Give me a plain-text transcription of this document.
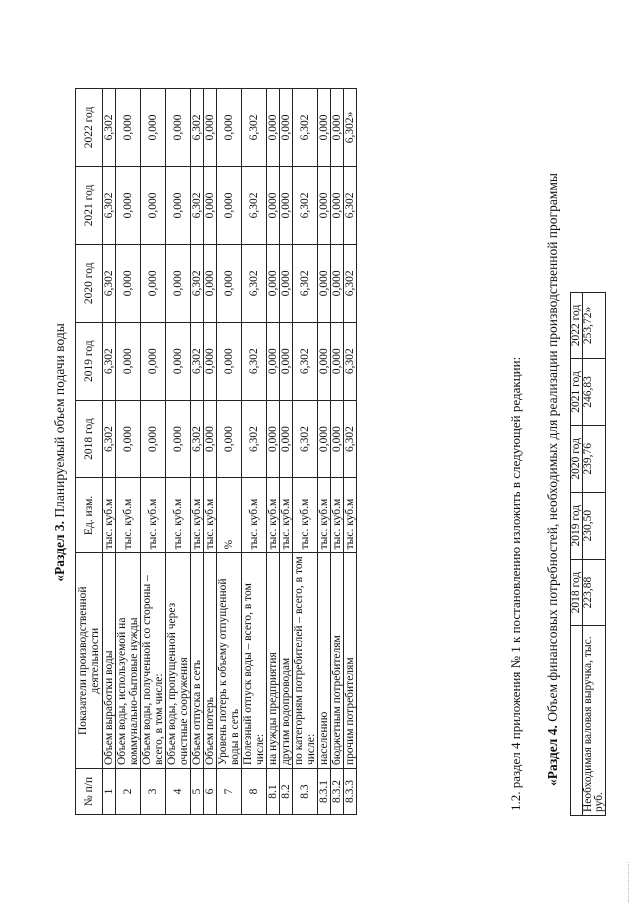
«Раздел 3. Планируемый объем подачи воды
№ п/п	Показатели производственной деятельности	Ед. изм.	2018 год	2019 год	2020 год	2021 год	2022 год
1	Объем выработки воды	тыс. куб.м	6,302	6,302	6,302	6,302	6,302
2	Объем воды, используемой на коммунально-бытовые нужды	тыс. куб.м	0,000	0,000	0,000	0,000	0,000
3	Объем воды, полученной со стороны – всего, в том числе:	тыс. куб.м	0,000	0,000	0,000	0,000	0,000
4	Объем воды, пропущенной через очистные сооружения	тыс. куб.м	0,000	0,000	0,000	0,000	0,000
5	Объем отпуска в сеть	тыс. куб.м	6,302	6,302	6,302	6,302	6,302
6	Объем потерь	тыс. куб.м	0,000	0,000	0,000	0,000	0,000
7	Уровень потерь к объему отпущенной воды в сеть	%	0,000	0,000	0,000	0,000	0,000
8	Полезный отпуск воды – всего, в том числе:	тыс. куб.м	6,302	6,302	6,302	6,302	6,302
8.1	на нужды предприятия	тыс. куб.м	0,000	0,000	0,000	0,000	0,000
8.2	другим водопроводам	тыс. куб.м	0,000	0,000	0,000	0,000	0,000
8.3	по категориям потребителей – всего, в том числе:	тыс. куб.м	6,302	6,302	6,302	6,302	6,302
8.3.1	населению	тыс. куб.м	0,000	0,000	0,000	0,000	0,000
8.3.2	бюджетным потребителям	тыс. куб.м	0,000	0,000	0,000	0,000	0,000
8.3.3	прочим потребителям	тыс. куб.м	6,302	6,302	6,302	6,302	6,302»
1.2. раздел 4 приложения № 1 к постановлению изложить в следующей редакции: «Раздел 4. Объем финансовых потребностей, необходимых для реализации производственной программы
	2018 год	2019 год	2020 год	2021 год	2022 год
Необходимая валовая выручка, тыс. руб.	223,88	230,50	239,76	246,83	253,72»
